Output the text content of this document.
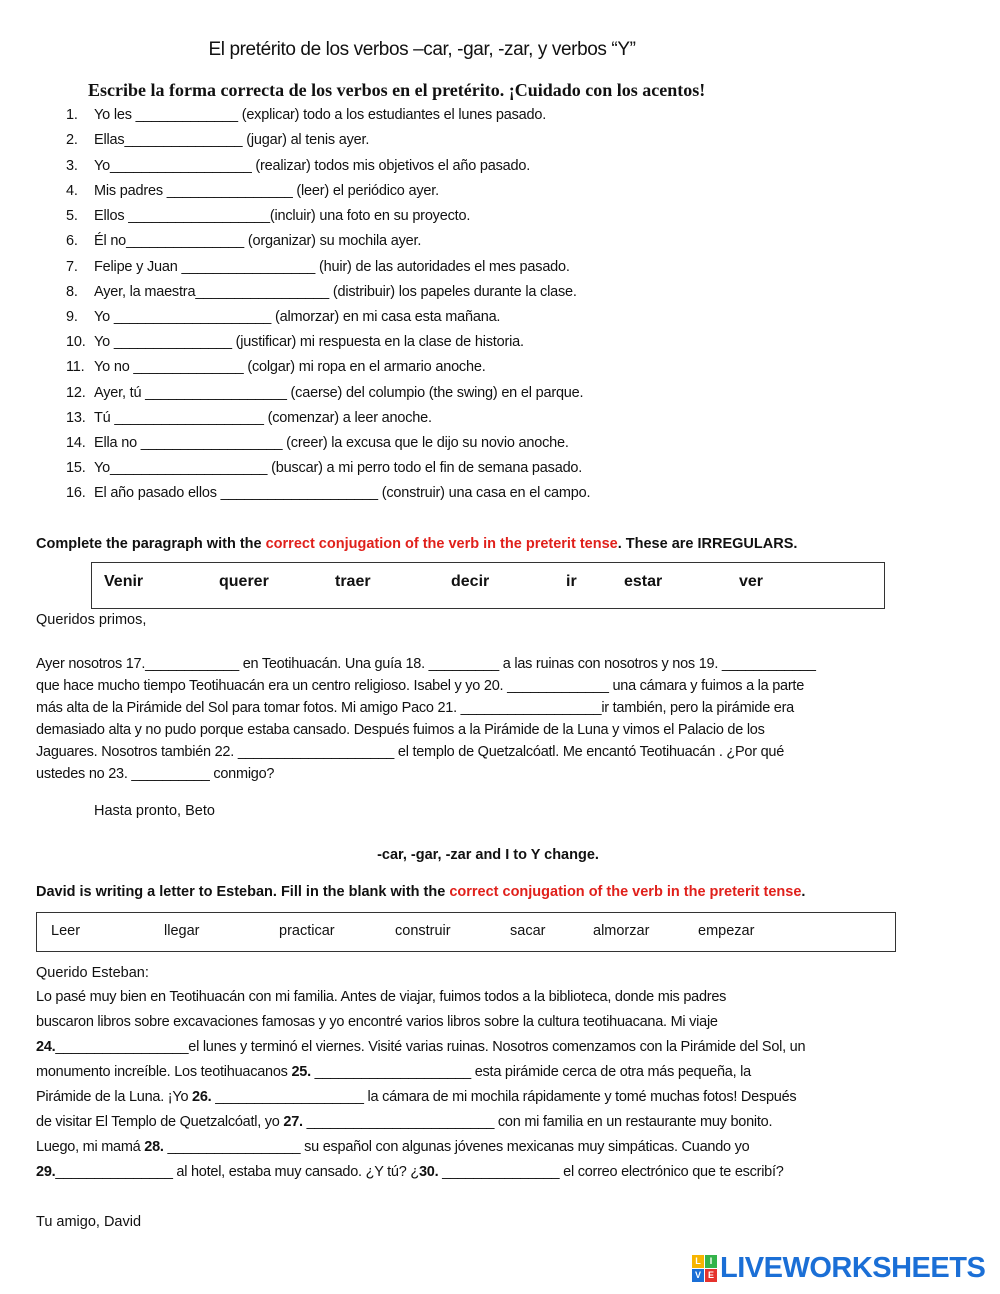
El pretérito de los verbos –car, -gar, -zar, y verbos “Y”
Escribe la forma correcta de los verbos en el pretérito. ¡Cuidado con los acentos!
1. Yo les _____________ (explicar) todo a los estudiantes el lunes pasado.
2. Ellas_______________ (jugar) al tenis ayer.
3. Yo__________________ (realizar) todos mis objetivos el año pasado.
4. Mis padres ________________ (leer) el periódico ayer.
5. Ellos __________________(incluir) una foto en su proyecto.
6. Él no_______________ (organizar) su mochila ayer.
7. Felipe y Juan _________________ (huir) de las autoridades el mes pasado.
8. Ayer, la maestra_________________ (distribuir) los papeles durante la clase.
9. Yo ____________________ (almorzar) en mi casa esta mañana.
10. Yo _______________ (justificar) mi respuesta en la clase de historia.
11. Yo no ______________ (colgar) mi ropa en el armario anoche.
12. Ayer, tú __________________ (caerse) del columpio (the swing) en el parque.
13. Tú ___________________ (comenzar) a leer anoche.
14. Ella no __________________ (creer) la excusa que le dijo su novio anoche.
15. Yo____________________ (buscar) a mi perro todo el fin de semana pasado.
16. El año pasado ellos ____________________ (construir) una casa en el campo.
Complete the paragraph with the correct conjugation of the verb in the preterit tense. These are IRREGULARS.
Venir	querer	traer	decir	ir	estar	ver
Queridos primos,
Ayer nosotros 17.____________ en Teotihuacán. Una guía 18. _________ a las ruinas con nosotros y nos 19. ____________
que hace mucho tiempo Teotihuacán era un centro religioso. Isabel y yo 20. _____________ una cámara y fuimos a la parte
más alta de la Pirámide del Sol para tomar fotos. Mi amigo Paco 21. __________________ir también, pero la pirámide era
demasiado alta y no pudo porque estaba cansado. Después fuimos a la Pirámide de la Luna y vimos el Palacio de los
Jaguares. Nosotros también 22. ____________________ el templo de Quetzalcóatl. Me encantó Teotihuacán . ¿Por qué
ustedes no 23. __________ conmigo?
Hasta pronto, Beto
-car, -gar, -zar and I to Y change.
David is writing a letter to Esteban. Fill in the blank with the correct conjugation of the verb in the preterit tense.
Leer	llegar	practicar	construir	sacar	almorzar	empezar
Querido Esteban:
Lo pasé muy bien en Teotihuacán con mi familia. Antes de viajar, fuimos todos a la biblioteca, donde mis padres
buscaron libros sobre excavaciones famosas y yo encontré varios libros sobre la cultura teotihuacana. Mi viaje
24._________________el lunes y terminó el viernes. Visité varias ruinas. Nosotros comenzamos con la Pirámide del Sol, un
monumento increíble. Los teotihuacanos 25. ____________________ esta pirámide cerca de otra más pequeña, la
Pirámide de la Luna. ¡Yo 26. ___________________ la cámara de mi mochila rápidamente y tomé muchas fotos! Después
de visitar El Templo de Quetzalcóatl, yo 27. ________________________ con mi familia en un restaurante muy bonito.
Luego, mi mamá 28. _________________ su español con algunas jóvenes mexicanas muy simpáticas. Cuando yo
29._______________ al hotel, estaba muy cansado. ¿Y tú? ¿30. _______________ el correo electrónico que te escribí?
Tu amigo, David
L I
V E LIVEWORKSHEETS
